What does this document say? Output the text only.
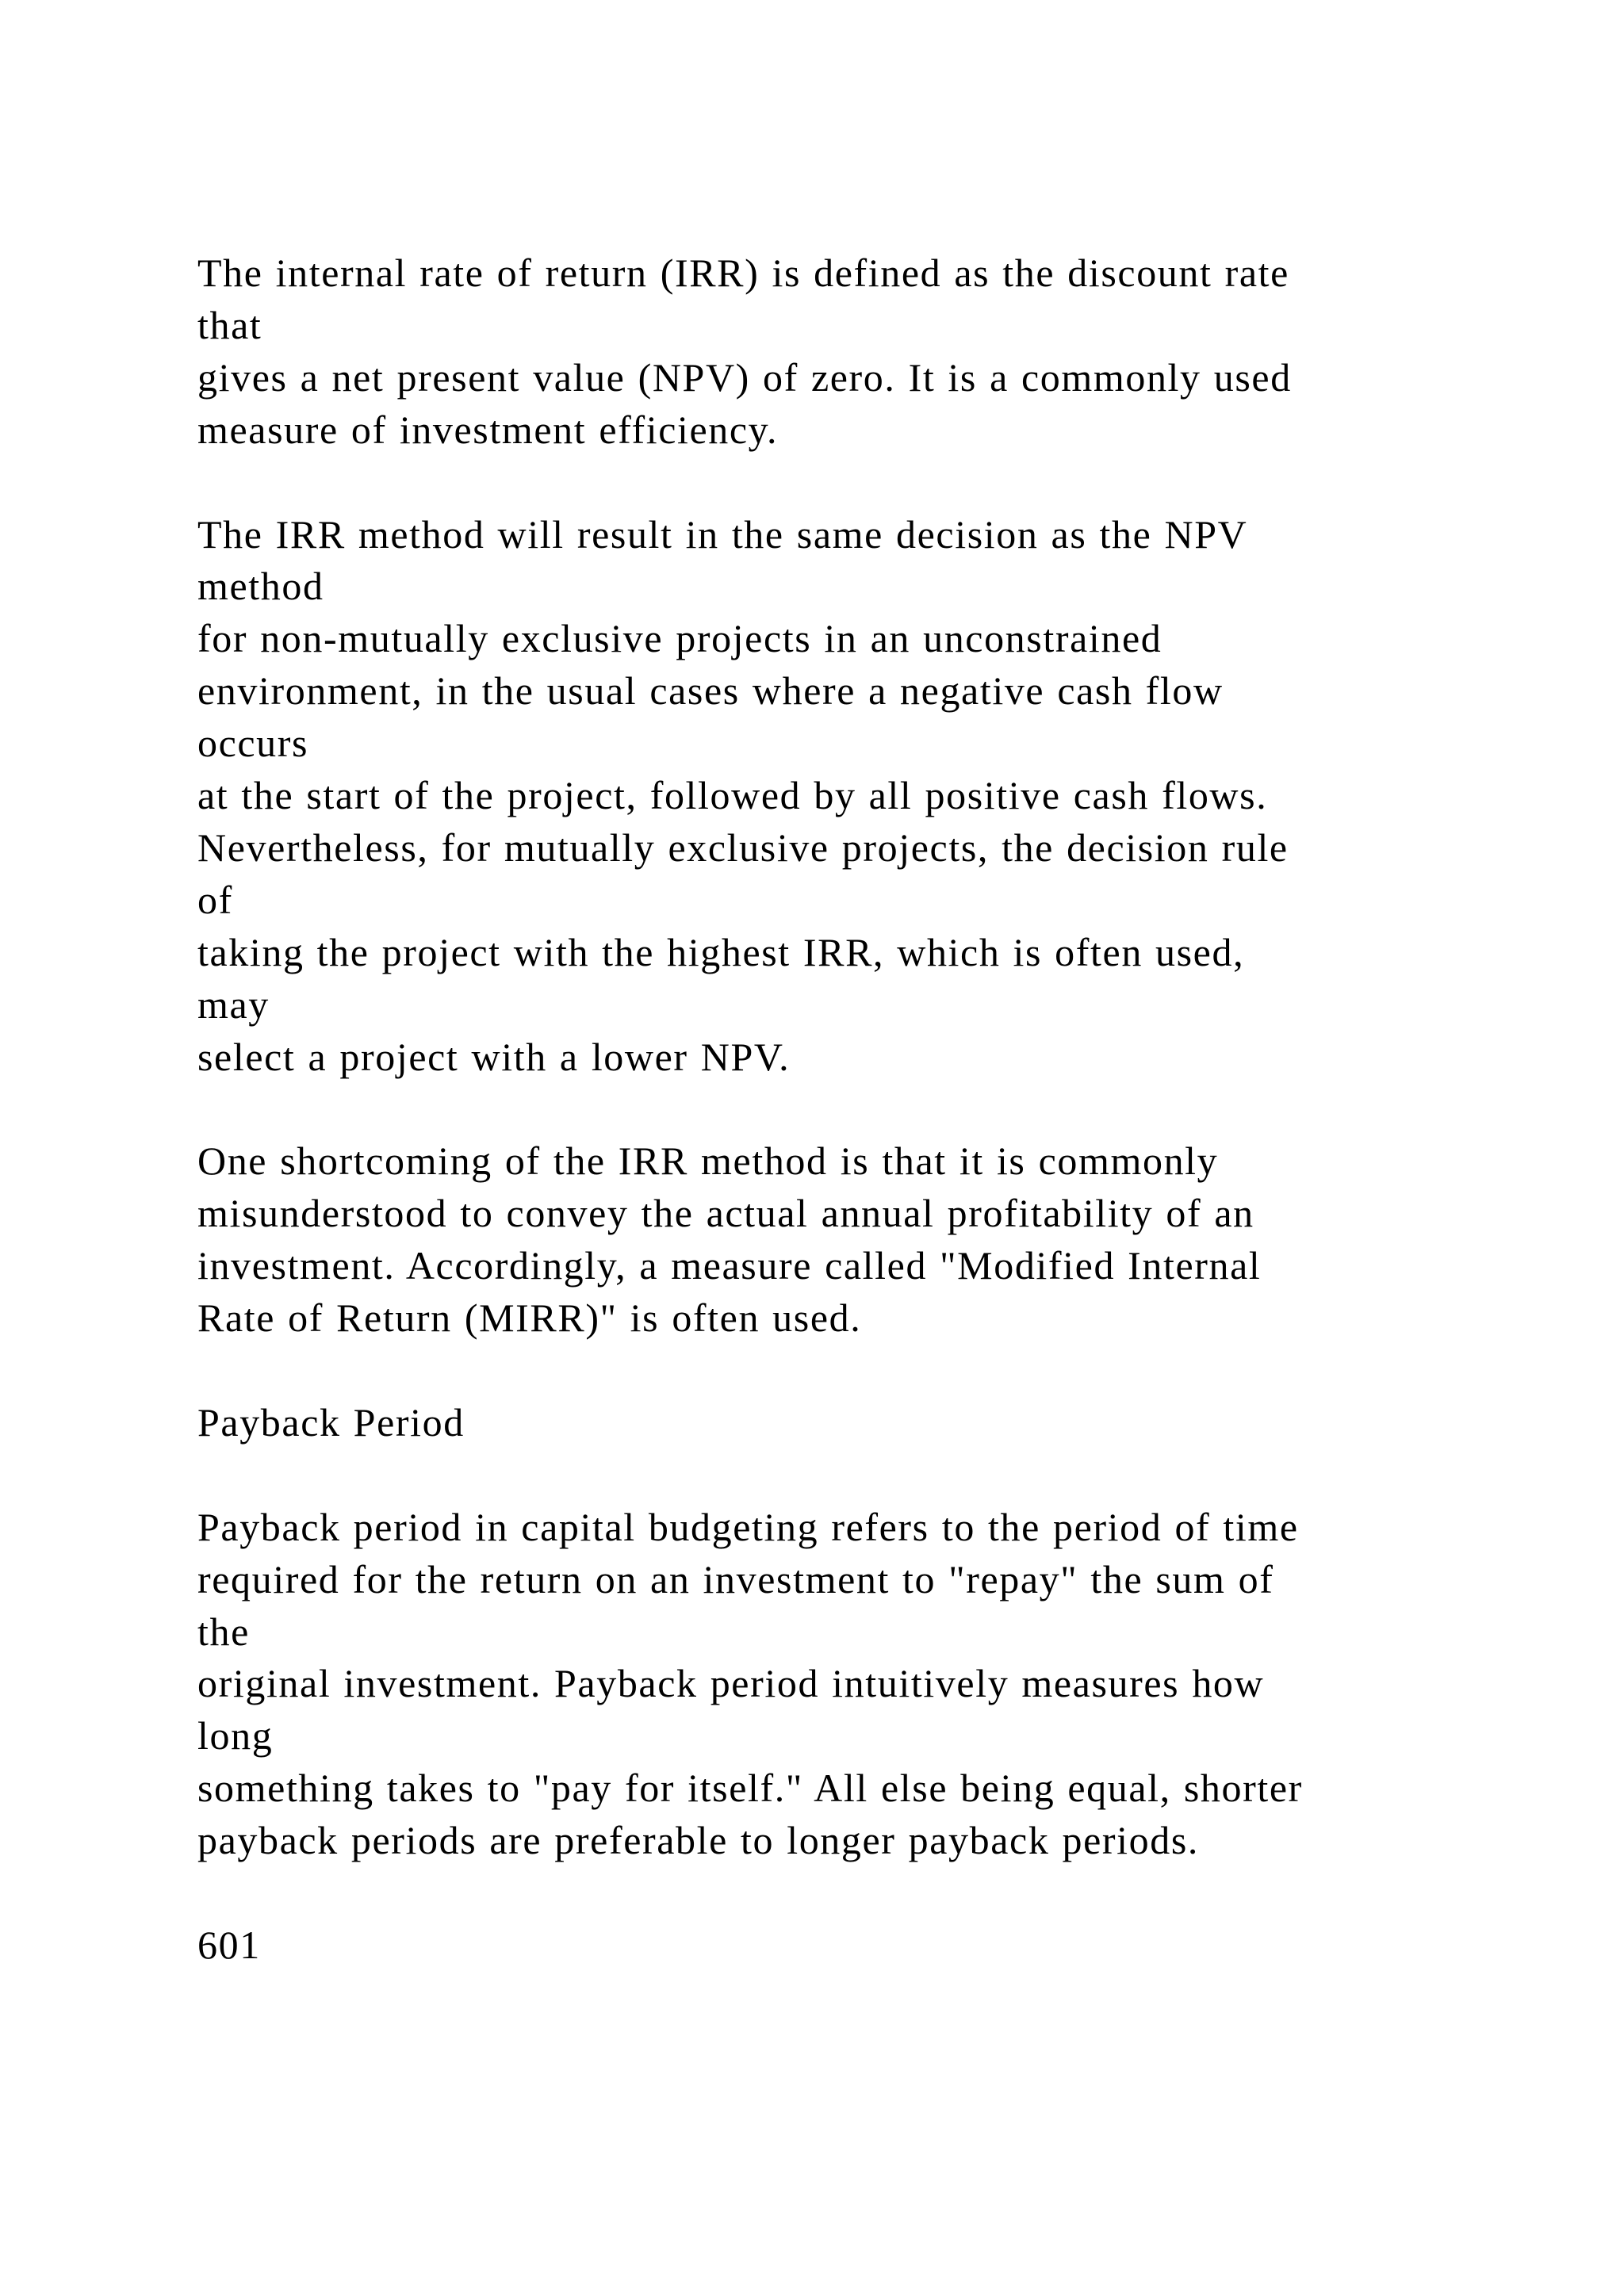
The internal rate of return (IRR) is defined as the discount rate
that
gives a net present value (NPV) of zero. It is a commonly used
measure of investment efficiency.

The IRR method will result in the same decision as the NPV
method
for non-mutually exclusive projects in an unconstrained
environment, in the usual cases where a negative cash flow
occurs
at the start of the project, followed by all positive cash flows.
Nevertheless, for mutually exclusive projects, the decision rule
of
taking the project with the highest IRR, which is often used,
may
select a project with a lower NPV.

One shortcoming of the IRR method is that it is commonly
misunderstood to convey the actual annual profitability of an
investment. Accordingly, a measure called "Modified Internal
Rate of Return (MIRR)" is often used.

Payback Period

Payback period in capital budgeting refers to the period of time
required for the return on an investment to "repay" the sum of
the
original investment. Payback period intuitively measures how
long
something takes to "pay for itself." All else being equal, shorter
payback periods are preferable to longer payback periods.

601
